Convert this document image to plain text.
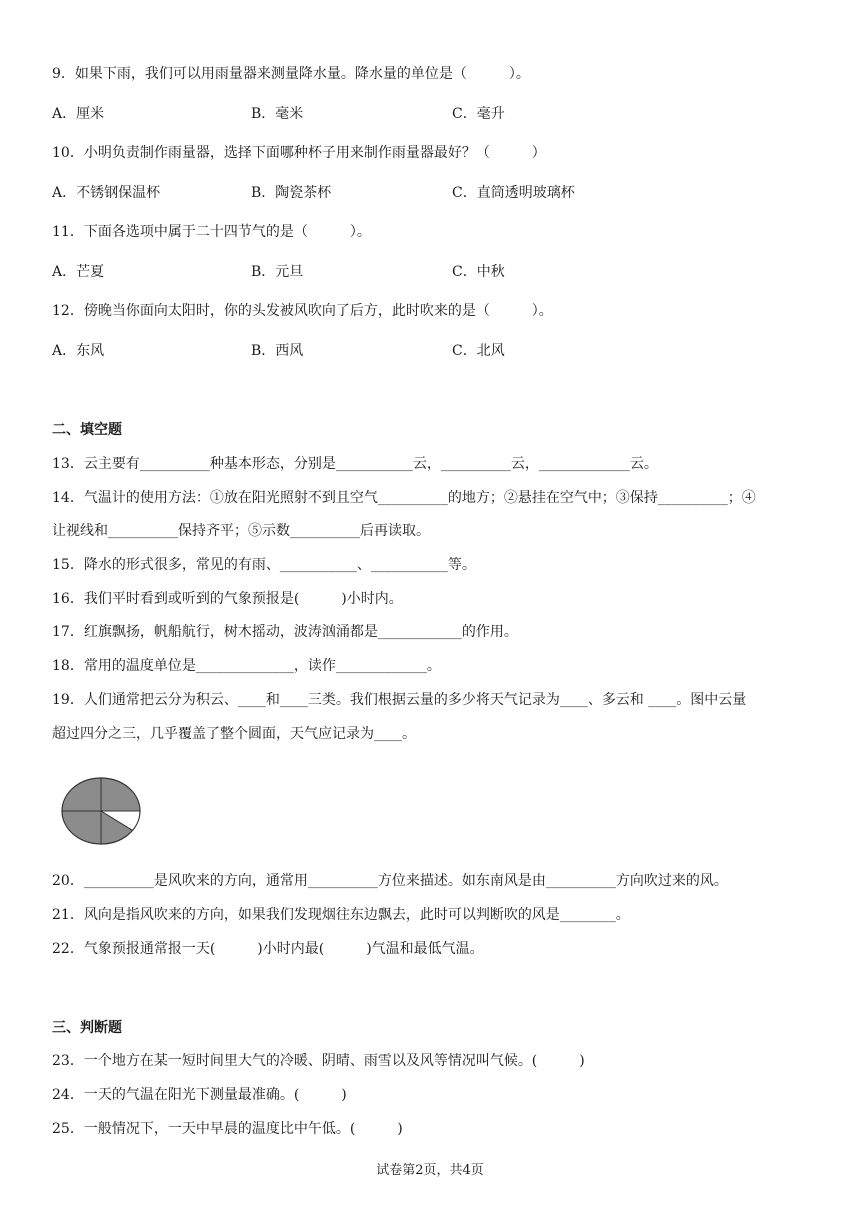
9．如果下雨，我们可以用雨量器来测量降水量。降水量的单位是（　　　）。
A．厘米	B．毫米	C．毫升
10．小明负责制作雨量器，选择下面哪种杯子用来制作雨量器最好？（　　　）
A．不锈钢保温杯	B．陶瓷茶杯	C．直筒透明玻璃杯
11．下面各选项中属于二十四节气的是（　　　）。
A．芒夏	B．元旦	C．中秋
12．傍晚当你面向太阳时，你的头发被风吹向了后方，此时吹来的是（　　　）。
A．东风	B．西风	C．北风
二、填空题
13．云主要有__________种基本形态，分别是___________云，__________云，_____________云。
14．气温计的使用方法：①放在阳光照射不到且空气__________的地方；②悬挂在空气中；③保持__________；④
让视线和__________保持齐平；⑤示数__________后再读取。
15．降水的形式很多，常见的有雨、___________、___________等。
16．我们平时看到或听到的气象预报是(　　　)小时内。
17．红旗飘扬，帆船航行，树木摇动，波涛汹涌都是____________的作用。
18．常用的温度单位是______________，读作_____________。
19．人们通常把云分为积云、____和____三类。我们根据云量的多少将天气记录为____、多云和 ____。图中云量
超过四分之三，几乎覆盖了整个圆面，天气应记录为____。
20．__________是风吹来的方向，通常用__________方位来描述。如东南风是由__________方向吹过来的风。
21．风向是指风吹来的方向，如果我们发现烟往东边飘去，此时可以判断吹的风是________。
22．气象预报通常报一天(　　　)小时内最(　　　)气温和最低气温。
三、判断题
23．一个地方在某一短时间里大气的冷暖、阴晴、雨雪以及风等情况叫气候。(　　　)
24．一天的气温在阳光下测量最准确。(　　　)
25．一般情况下，一天中早晨的温度比中午低。(　　　)
试卷第2页，共4页
